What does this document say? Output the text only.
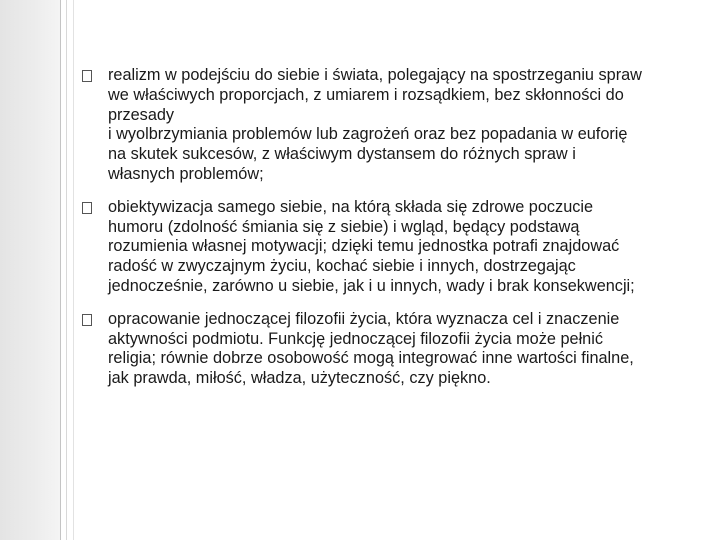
realizm w podejściu do siebie i świata, polegający na spostrzeganiu spraw
we właściwych proporcjach, z umiarem i rozsądkiem, bez skłonności do
przesady
i wyolbrzymiania problemów lub zagrożeń oraz bez popadania w euforię
na skutek sukcesów, z właściwym dystansem do różnych spraw i
własnych problemów;
obiektywizacja samego siebie, na którą składa się zdrowe poczucie
humoru (zdolność śmiania się z siebie) i wgląd, będący podstawą
rozumienia własnej motywacji; dzięki temu jednostka potrafi znajdować
radość w zwyczajnym życiu, kochać siebie i innych, dostrzegając
jednocześnie, zarówno u siebie, jak i u innych, wady i brak konsekwencji;
opracowanie jednoczącej filozofii życia, która wyznacza cel i znaczenie
aktywności podmiotu. Funkcję jednoczącej filozofii życia może pełnić
religia; równie dobrze osobowość mogą integrować inne wartości finalne,
jak prawda, miłość, władza, użyteczność, czy piękno.
